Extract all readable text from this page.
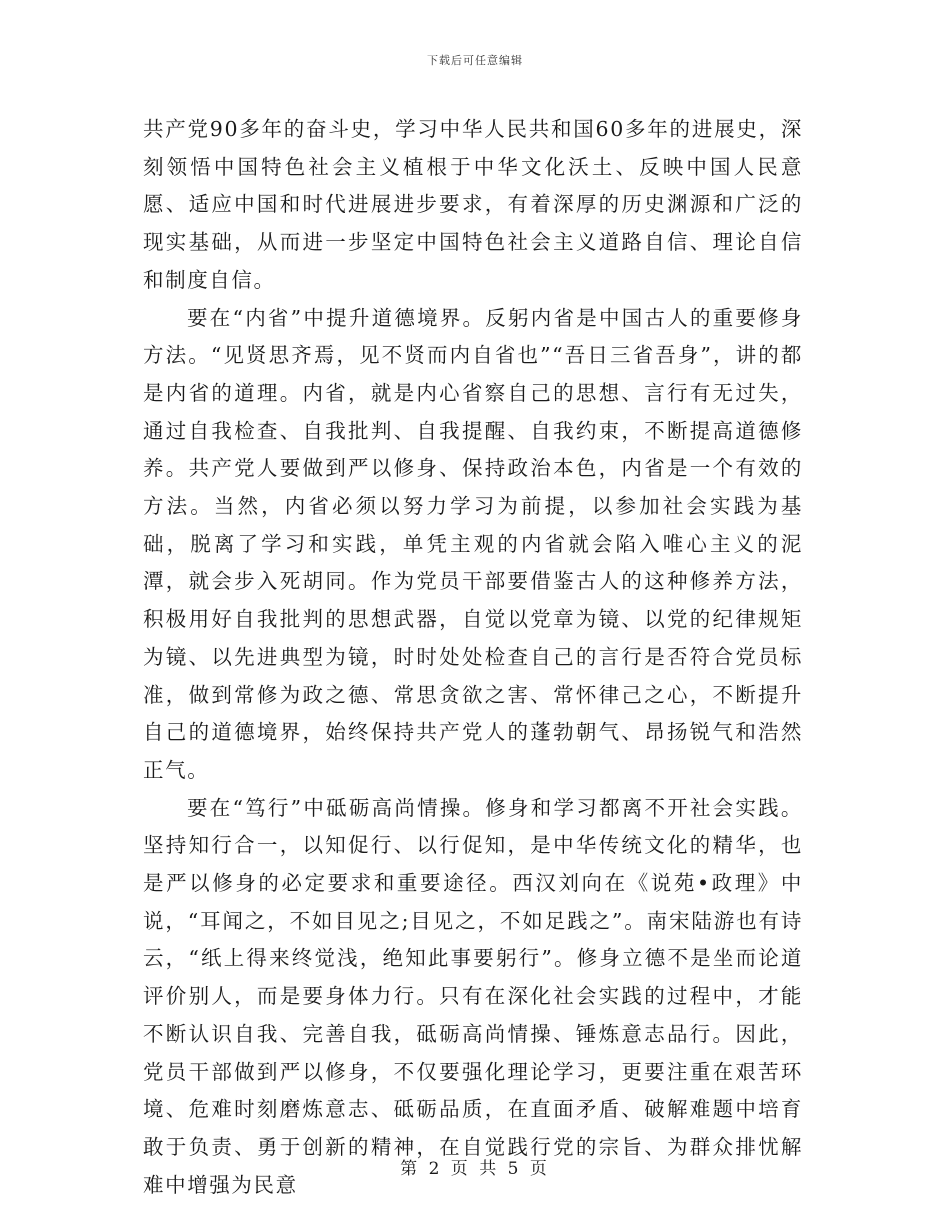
下载后可任意编辑

共产党90多年的奋斗史，学习中华人民共和国60多年的进展史，深刻领悟中国特色社会主义植根于中华文化沃土、反映中国人民意愿、适应中国和时代进展进步要求，有着深厚的历史渊源和广泛的现实基础，从而进一步坚定中国特色社会主义道路自信、理论自信和制度自信。

要在“内省”中提升道德境界。反躬内省是中国古人的重要修身方法。“见贤思齐焉，见不贤而内自省也”“吾日三省吾身”，讲的都是内省的道理。内省，就是内心省察自己的思想、言行有无过失，通过自我检查、自我批判、自我提醒、自我约束，不断提高道德修养。共产党人要做到严以修身、保持政治本色，内省是一个有效的方法。当然，内省必须以努力学习为前提，以参加社会实践为基础，脱离了学习和实践，单凭主观的内省就会陷入唯心主义的泥潭，就会步入死胡同。作为党员干部要借鉴古人的这种修养方法，积极用好自我批判的思想武器，自觉以党章为镜、以党的纪律规矩为镜、以先进典型为镜，时时处处检查自己的言行是否符合党员标准，做到常修为政之德、常思贪欲之害、常怀律己之心，不断提升自己的道德境界，始终保持共产党人的蓬勃朝气、昂扬锐气和浩然正气。

要在“笃行”中砥砺高尚情操。修身和学习都离不开社会实践。坚持知行合一，以知促行、以行促知，是中华传统文化的精华，也是严以修身的必定要求和重要途径。西汉刘向在《说苑•政理》中说，“耳闻之，不如目见之;目见之，不如足践之”。南宋陆游也有诗云，“纸上得来终觉浅，绝知此事要躬行”。修身立德不是坐而论道评价别人，而是要身体力行。只有在深化社会实践的过程中，才能不断认识自我、完善自我，砥砺高尚情操、锤炼意志品行。因此，党员干部做到严以修身，不仅要强化理论学习，更要注重在艰苦环境、危难时刻磨炼意志、砥砺品质，在直面矛盾、破解难题中培育敢于负责、勇于创新的精神，在自觉践行党的宗旨、为群众排忧解难中增强为民意

第 2 页 共 5 页
